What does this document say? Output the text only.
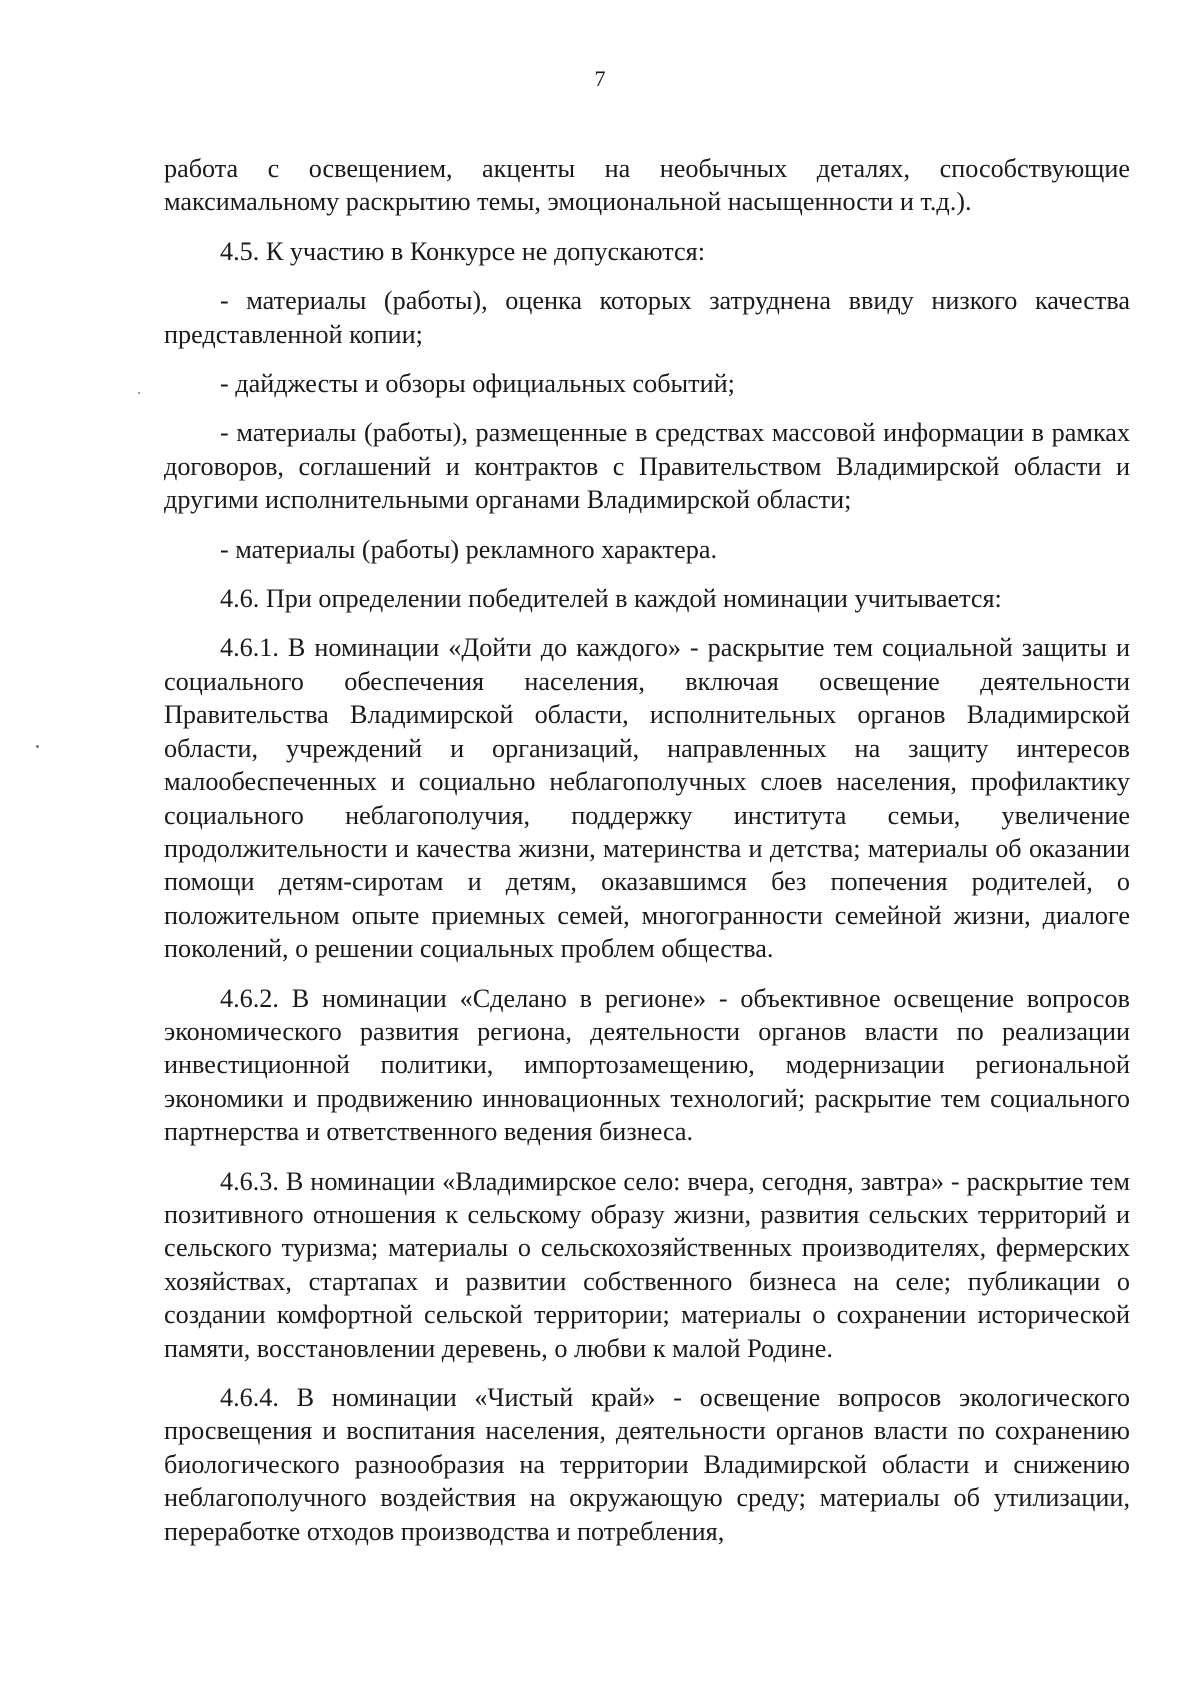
7

работа с освещением, акценты на необычных деталях, способствующие максимальному раскрытию темы, эмоциональной насыщенности и т.д.).

4.5. К участию в Конкурсе не допускаются:

- материалы (работы), оценка которых затруднена ввиду низкого качества представленной копии;

- дайджесты и обзоры официальных событий;

- материалы (работы), размещенные в средствах массовой информации в рамках договоров, соглашений и контрактов с Правительством Владимирской области и другими исполнительными органами Владимирской области;

- материалы (работы) рекламного характера.

4.6. При определении победителей в каждой номинации учитывается:

4.6.1. В номинации «Дойти до каждого» - раскрытие тем социальной защиты и социального обеспечения населения, включая освещение деятельности Правительства Владимирской области, исполнительных органов Владимирской области, учреждений и организаций, направленных на защиту интересов малообеспеченных и социально неблагополучных слоев населения, профилактику социального неблагополучия, поддержку института семьи, увеличение продолжительности и качества жизни, материнства и детства; материалы об оказании помощи детям-сиротам и детям, оказавшимся без попечения родителей, о положительном опыте приемных семей, многогранности семейной жизни, диалоге поколений, о решении социальных проблем общества.

4.6.2. В номинации «Сделано в регионе» - объективное освещение вопросов экономического развития региона, деятельности органов власти по реализации инвестиционной политики, импортозамещению, модернизации региональной экономики и продвижению инновационных технологий; раскрытие тем социального партнерства и ответственного ведения бизнеса.

4.6.3. В номинации «Владимирское село: вчера, сегодня, завтра» - раскрытие тем позитивного отношения к сельскому образу жизни, развития сельских территорий и сельского туризма; материалы о сельскохозяйственных производителях, фермерских хозяйствах, стартапах и развитии собственного бизнеса на селе; публикации о создании комфортной сельской территории; материалы о сохранении исторической памяти, восстановлении деревень, о любви к малой Родине.

4.6.4. В номинации «Чистый край» - освещение вопросов экологического просвещения и воспитания населения, деятельности органов власти по сохранению биологического разнообразия на территории Владимирской области и снижению неблагополучного воздействия на окружающую среду; материалы об утилизации, переработке отходов производства и потребления,
